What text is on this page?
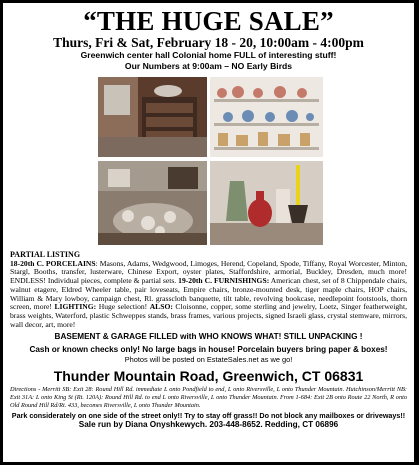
“THE HUGE SALE”
Thurs, Fri & Sat, February 18 - 20, 10:00am - 4:00pm
Greenwich center hall Colonial home FULL of interesting stuff!
Our Numbers at 9:00am – NO Early Birds
PARTIAL LISTING
18-20th C. PORCELAINS: Masons, Adams, Wedgwood, Limoges, Herend, Copeland, Spode, Tiffany, Royal Worcester, Minton, Stargl, Booths, transfer, lusterware, Chinese Export, oyster plates, Staffordshire, armorial, Buckley, Dresden, much more! ENDLESS! Individual pieces, complete & partial sets. 19-20th C. FURNISHINGS: American chest, set of 8 Chippendale chairs, walnut etagere, Eldred Wheeler table, pair loveseats, Empire chairs, bronze-mounted desk, tiger maple chairs, HOP chairs, William & Mary lowboy, campaign chest, Rl. grasscloth banquette, tilt table, revolving bookcase, needlepoint footstools, thorn screen, more! LIGHTING: Huge selection! ALSO: Cloisonne, copper, some sterling and jewelry, Loetz, Singer featherweight, brass weights, Waterford, plastic Schweppes stands, brass frames, various projects, signed Israeli glass, crystal stemware, mirrors, wall decor, art, more!
BASEMENT & GARAGE FILLED with WHO KNOWS WHAT! STILL UNPACKING !
Cash or known checks only! No large bags in house! Porcelain buyers bring paper & boxes!
Photos will be posted on EstateSales.net as we go!
Thunder Mountain Road, Greenwich, CT 06831
Directions - Merritt SB: Exit 28: Round Hill Rd. immediate L onto Pondfield to end, L onto Riversville, L onto Thunder Mountain. Hutchinson/Merritt NB: Exit 31A: L onto King St (Rt. 120A): Round Hill Rd. to end L onto Riversville, L onto Thunder Mountain. From 1-684: Exit 2B onto Route 22 North, R onto Old Round Hill Rd/Rt. 433, becomes Riversville, L onto Thunder Mountain.
Park considerately on one side of the street only!! Try to stay off grass!! Do not block any mailboxes or driveways!!
Sale run by Diana Onyshkewych. 203-448-8652. Redding, CT 06896
